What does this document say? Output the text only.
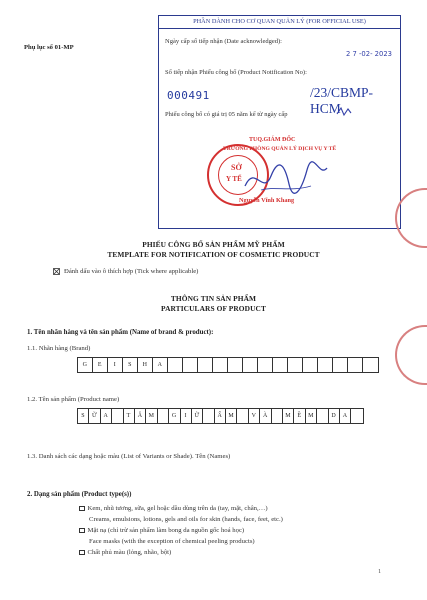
Phụ lục số 01-MP
PHẦN DÀNH CHO CƠ QUAN QUẢN LÝ (FOR OFFICIAL USE)
Ngày cấp số tiếp nhận (Date acknowledged):
2 7 -02- 2023
Số tiếp nhận Phiếu công bố (Product Notification No):
000491	/23/CBMP-HCM
Phiếu công bố có giá trị 05 năm kể từ ngày cấp
TUQ.GIÁM ĐỐC
TRƯỞNG PHÒNG QUẢN LÝ DỊCH VỤ Y TẾ
SỞ
Y TẾ
Nguyễn Vĩnh Khang
PHIẾU CÔNG BỐ SẢN PHẨM MỸ PHẨM
TEMPLATE FOR NOTIFICATION OF COSMETIC PRODUCT
Đánh dấu vào ô thích hợp (Tick where applicable)
THÔNG TIN SẢN PHẨM
PARTICULARS OF PRODUCT
1. Tên nhãn hàng và tên sản phẩm (Name of brand & product):
1.1. Nhãn hàng (Brand)
G	E	I	S	H	A
1.2. Tên sản phẩm (Product name)
S	Ữ	A	T	Ắ	M	G	I	Ữ	Ẩ	M	V	À	M	Ề	M	D	A
1.3. Danh sách các dạng hoặc màu (List of Variants or Shade). Tên (Names)
2. Dạng sản phẩm (Product type(s))
Kem, nhũ tương, sữa, gel hoặc dầu dùng trên da (tay, mặt, chân,…)
Creams, emulsions, lotions, gels and oils for skin (hands, face, feet, etc.)
Mặt nạ (chỉ trừ sản phẩm làm bong da nguồn gốc hoá học)
Face masks (with the exception of chemical peeling products)
Chất phủ màu (lỏng, nhão, bột)
1
